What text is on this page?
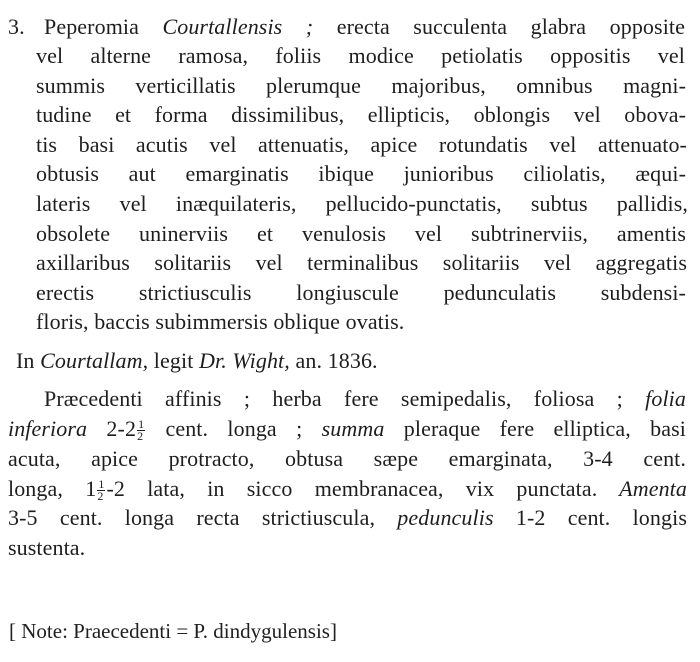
3. Peperomia Courtallensis ; erecta succulenta glabra opposite
vel alterne ramosa, foliis modice petiolatis oppositis vel
summis verticillatis plerumque majoribus, omnibus magni-
tudine et forma dissimilibus, ellipticis, oblongis vel obova-
tis basi acutis vel attenuatis, apice rotundatis vel attenuato-
obtusis aut emarginatis ibique junioribus ciliolatis, æqui-
lateris vel inæquilateris, pellucido-punctatis, subtus pallidis,
obsolete uninerviis et venulosis vel subtrinerviis, amentis
axillaribus solitariis vel terminalibus solitariis vel aggregatis
erectis strictiusculis longiuscule pedunculatis subdensi-
floris, baccis subimmersis oblique ovatis.
In Courtallam, legit Dr. Wight, an. 1836.
Præcedenti affinis ; herba fere semipedalis, foliosa ; folia
inferiora $2-2 \frac{1}{2}$ cent. longa ; summa pleraque fere elliptica, basi
acuta, apice protracto, obtusa sæpe emarginata, 3-4 cent.
longa, $1 \frac{1}{2} -2$ lata, in sicco membranacea, vix punctata. Amenta
3-5 cent. longa recta strictiuscula, pedunculis 1-2 cent. longis
sustenta.
[ Note: Praecedenti = P. dindygulensis]
